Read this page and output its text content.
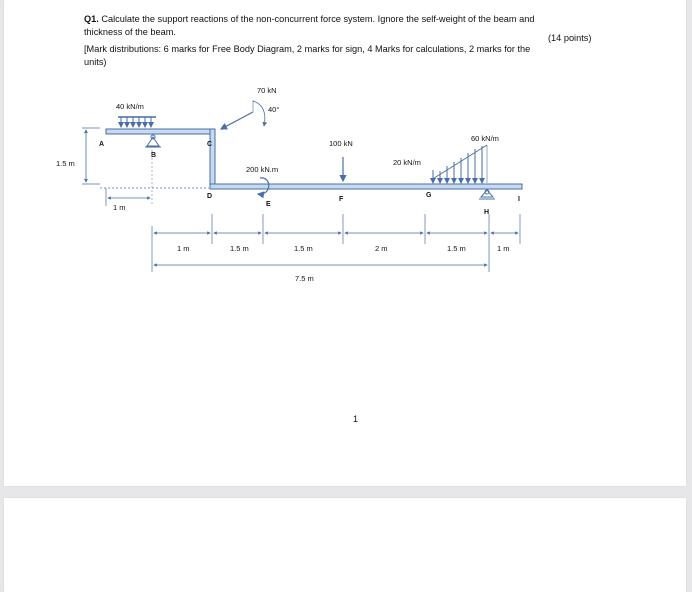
Q1. Calculate the support reactions of the non-concurrent force system. Ignore the self-weight of the beam and
thickness of the beam.
(14 points)
[Mark distributions: 6 marks for Free Body Diagram, 2 marks for sign, 4 Marks for calculations, 2 marks for the
units)
40 kN/m
B
A	C
D
70 kN
40°
200 kN.m
E
100 kN
F
20 kN/m
60 kN/m
G
H
I
1.5 m
1 m
1 m	1.5 m	1.5 m	2 m	1.5 m	1 m
7.5 m
1
